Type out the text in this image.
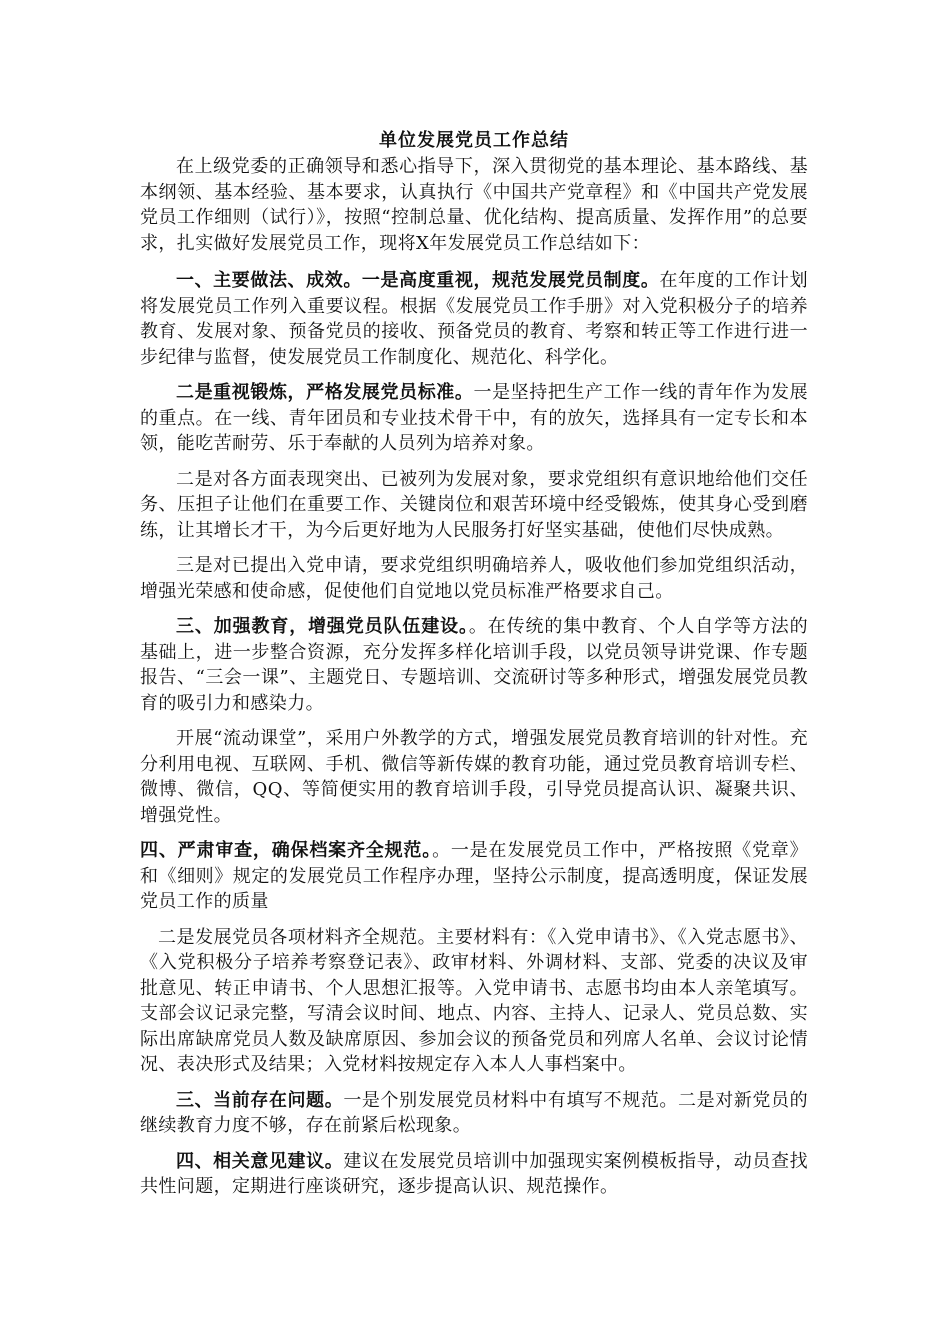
单位发展党员工作总结

在上级党委的正确领导和悉心指导下，深入贯彻党的基本理论、基本路线、基本纲领、基本经验、基本要求，认真执行《中国共产党章程》和《中国共产党发展党员工作细则（试行）》，按照“控制总量、优化结构、提高质量、发挥作用”的总要求，扎实做好发展党员工作，现将X年发展党员工作总结如下：

一、主要做法、成效。一是高度重视，规范发展党员制度。在年度的工作计划将发展党员工作列入重要议程。根据《发展党员工作手册》对入党积极分子的培养教育、发展对象、预备党员的接收、预备党员的教育、考察和转正等工作进行进一步纪律与监督，使发展党员工作制度化、规范化、科学化。

二是重视锻炼，严格发展党员标准。一是坚持把生产工作一线的青年作为发展的重点。在一线、青年团员和专业技术骨干中，有的放矢，选择具有一定专长和本领，能吃苦耐劳、乐于奉献的人员列为培养对象。

二是对各方面表现突出、已被列为发展对象，要求党组织有意识地给他们交任务、压担子让他们在重要工作、关键岗位和艰苦环境中经受锻炼，使其身心受到磨练，让其增长才干，为今后更好地为人民服务打好坚实基础，使他们尽快成熟。

三是对已提出入党申请，要求党组织明确培养人，吸收他们参加党组织活动，增强光荣感和使命感，促使他们自觉地以党员标准严格要求自己。

三、加强教育，增强党员队伍建设。。在传统的集中教育、个人自学等方法的基础上，进一步整合资源，充分发挥多样化培训手段，以党员领导讲党课、作专题报告、“三会一课”、主题党日、专题培训、交流研讨等多种形式，增强发展党员教育的吸引力和感染力。

开展“流动课堂”，采用户外教学的方式，增强发展党员教育培训的针对性。充分利用电视、互联网、手机、微信等新传媒的教育功能，通过党员教育培训专栏、微博、微信，QQ、等简便实用的教育培训手段，引导党员提高认识、凝聚共识、增强党性。

四、严肃审查，确保档案齐全规范。。一是在发展党员工作中，严格按照《党章》和《细则》规定的发展党员工作程序办理，坚持公示制度，提高透明度，保证发展党员工作的质量

二是发展党员各项材料齐全规范。主要材料有：《入党申请书》、《入党志愿书》、《入党积极分子培养考察登记表》、政审材料、外调材料、支部、党委的决议及审批意见、转正申请书、个人思想汇报等。入党申请书、志愿书均由本人亲笔填写。支部会议记录完整，写清会议时间、地点、内容、主持人、记录人、党员总数、实际出席缺席党员人数及缺席原因、参加会议的预备党员和列席人名单、会议讨论情况、表决形式及结果；入党材料按规定存入本人人事档案中。

三、当前存在问题。一是个别发展党员材料中有填写不规范。二是对新党员的继续教育力度不够，存在前紧后松现象。

四、相关意见建议。建议在发展党员培训中加强现实案例模板指导，动员查找共性问题，定期进行座谈研究，逐步提高认识、规范操作。
